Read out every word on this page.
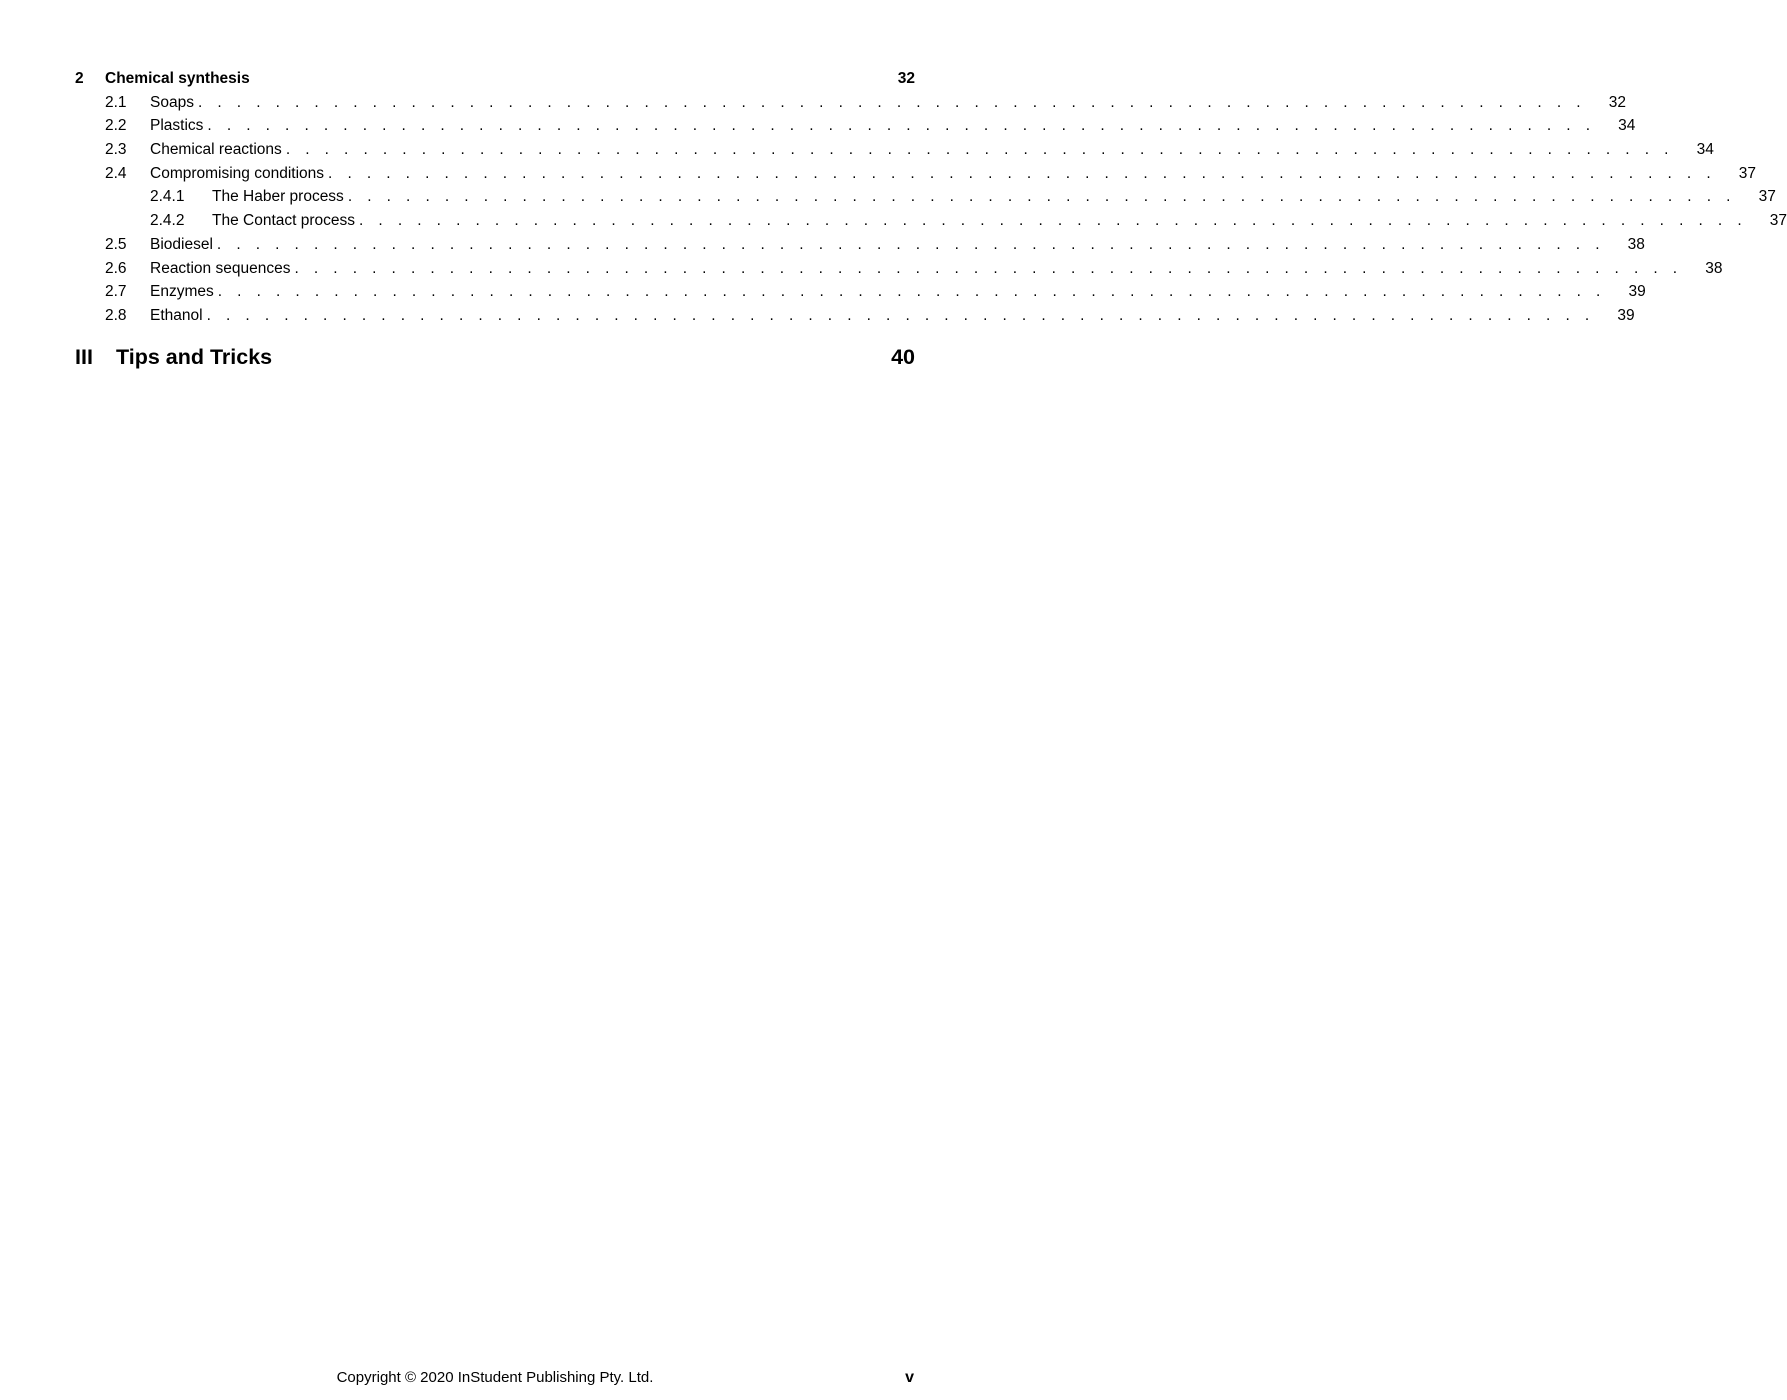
2	Chemical synthesis	32
2.1	Soaps . . . . . . . . . . . . . . . . . . . . . . . . . . . . . . . . . . . . . . . . . . . . . . . . . . . . . . . . . . . . . . . . . . . . . . . . 32
2.2	Plastics . . . . . . . . . . . . . . . . . . . . . . . . . . . . . . . . . . . . . . . . . . . . . . . . . . . . . . . . . . . . . . . . . . . . . . . . 34
2.3	Chemical reactions . . . . . . . . . . . . . . . . . . . . . . . . . . . . . . . . . . . . . . . . . . . . . . . . . . . . . . . . . . . . . . . . . . . . . . . . 34
2.4	Compromising conditions . . . . . . . . . . . . . . . . . . . . . . . . . . . . . . . . . . . . . . . . . . . . . . . . . . . . . . . . . . . . . . . . . . . . . . . . 37
2.4.1	The Haber process . . . . . . . . . . . . . . . . . . . . . . . . . . . . . . . . . . . . . . . . . . . . . . . . . . . . . . . . . . . . . . . . . . . . . . . . 37
2.4.2	The Contact process . . . . . . . . . . . . . . . . . . . . . . . . . . . . . . . . . . . . . . . . . . . . . . . . . . . . . . . . . . . . . . . . . . . . . . . . 37
2.5	Biodiesel . . . . . . . . . . . . . . . . . . . . . . . . . . . . . . . . . . . . . . . . . . . . . . . . . . . . . . . . . . . . . . . . . . . . . . . . 38
2.6	Reaction sequences . . . . . . . . . . . . . . . . . . . . . . . . . . . . . . . . . . . . . . . . . . . . . . . . . . . . . . . . . . . . . . . . . . . . . . . . 38
2.7	Enzymes . . . . . . . . . . . . . . . . . . . . . . . . . . . . . . . . . . . . . . . . . . . . . . . . . . . . . . . . . . . . . . . . . . . . . . . . 39
2.8	Ethanol . . . . . . . . . . . . . . . . . . . . . . . . . . . . . . . . . . . . . . . . . . . . . . . . . . . . . . . . . . . . . . . . . . . . . . . . 39
III	Tips and Tricks	40
Copyright © 2020 InStudent Publishing Pty. Ltd.	v
